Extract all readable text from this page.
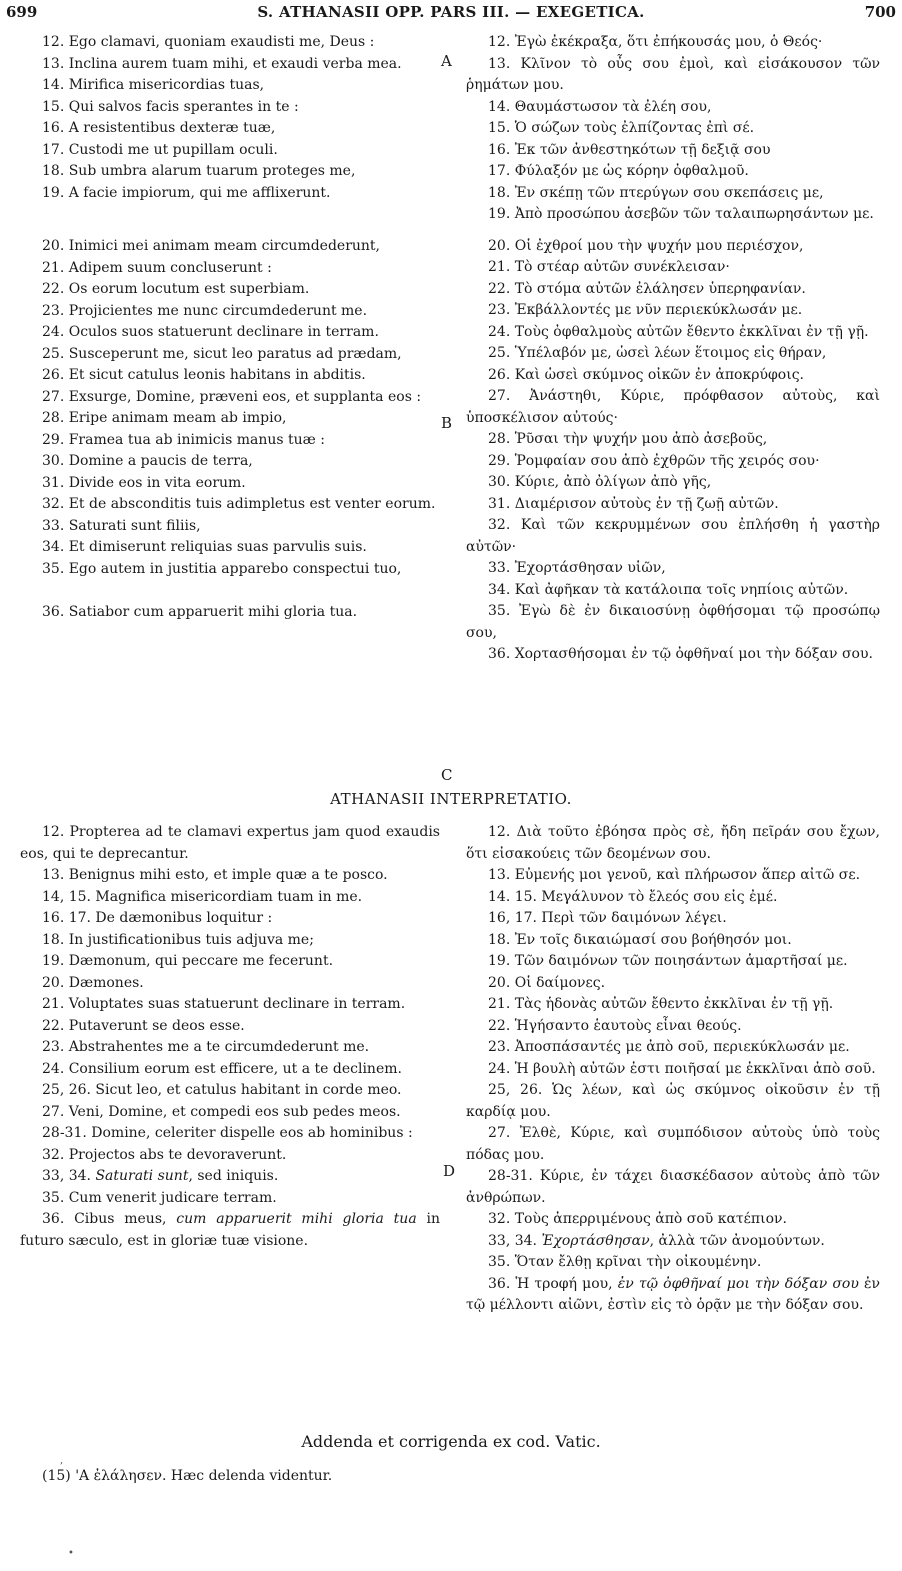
699	S. ATHANASII OPP. PARS III. — EXEGETICA.	700
12. Ego clamavi, quoniam exaudisti me, Deus :
13. Inclina aurem tuam mihi, et exaudi verba mea.
14. Mirifica misericordias tuas,
15. Qui salvos facis sperantes in te :
16. A resistentibus dexteræ tuæ,
17. Custodi me ut pupillam oculi.
18. Sub umbra alarum tuarum proteges me,
19. A facie impiorum, qui me afflixerunt.
20. Inimici mei animam meam circumdederunt,
21. Adipem suum concluserunt :
22. Os eorum locutum est superbiam.
23. Projicientes me nunc circumdederunt me.
24. Oculos suos statuerunt declinare in terram.
25. Susceperunt me, sicut leo paratus ad prædam,
26. Et sicut catulus leonis habitans in abditis.
27. Exsurge, Domine, præveni eos, et supplanta eos :
28. Eripe animam meam ab impio,
29. Framea tua ab inimicis manus tuæ :
30. Domine a paucis de terra,
31. Divide eos in vita eorum.
32. Et de absconditis tuis adimpletus est venter eorum.
33. Saturati sunt filiis,
34. Et dimiserunt reliquias suas parvulis suis.
35. Ego autem in justitia apparebo conspectui tuo,
36. Satiabor cum apparuerit mihi gloria tua.
12. Ἐγὼ ἐκέκραξα, ὅτι ἐπήκουσάς μου, ὁ Θεός·
13. Κλῖνον τὸ οὖς σου ἐμοὶ, καὶ εἰσάκουσον τῶν ῥημάτων μου.
14. Θαυμάστωσον τὰ ἐλέη σου,
15. Ὁ σώζων τοὺς ἐλπίζοντας ἐπὶ σέ.
16. Ἐκ τῶν ἀνθεστηκότων τῇ δεξιᾷ σου
17. Φύλαξόν με ὡς κόρην ὀφθαλμοῦ.
18. Ἐν σκέπῃ τῶν πτερύγων σου σκεπάσεις με,
19. Ἀπὸ προσώπου ἀσεβῶν τῶν ταλαιπωρησάντων με.
20. Οἱ ἐχθροί μου τὴν ψυχήν μου περιέσχον,
21. Τὸ στέαρ αὐτῶν συνέκλεισαν·
22. Τὸ στόμα αὐτῶν ἐλάλησεν ὑπερηφανίαν.
23. Ἐκβάλλοντές με νῦν περιεκύκλωσάν με.
24. Τοὺς ὀφθαλμοὺς αὐτῶν ἔθεντο ἐκκλῖναι ἐν τῇ γῇ.
25. Ὑπέλαβόν με, ὡσεὶ λέων ἕτοιμος εἰς θήραν,
26. Καὶ ὡσεὶ σκύμνος οἰκῶν ἐν ἀποκρύφοις.
27. Ἀνάστηθι, Κύριε, πρόφθασον αὐτοὺς, καὶ ὑποσκέλισον αὐτούς·
28. Ῥῦσαι τὴν ψυχήν μου ἀπὸ ἀσεβοῦς,
29. Ῥομφαίαν σου ἀπὸ ἐχθρῶν τῆς χειρός σου·
30. Κύριε, ἀπὸ ὀλίγων ἀπὸ γῆς,
31. Διαμέρισον αὐτοὺς ἐν τῇ ζωῇ αὐτῶν.
32. Καὶ τῶν κεκρυμμένων σου ἐπλήσθη ἡ γαστὴρ αὐτῶν·
33. Ἐχορτάσθησαν υἱῶν,
34. Καὶ ἀφῆκαν τὰ κατάλοιπα τοῖς νηπίοις αὐτῶν.
35. Ἐγὼ δὲ ἐν δικαιοσύνῃ ὀφθήσομαι τῷ προσώπῳ σου,
36. Χορτασθήσομαι ἐν τῷ ὀφθῆναί μοι τὴν δόξαν σου.
A
B
C
D
ATHANASII INTERPRETATIO.
12. Propterea ad te clamavi expertus jam quod exaudis eos, qui te deprecantur.
13. Benignus mihi esto, et imple quæ a te posco.
14, 15. Magnifica misericordiam tuam in me.
16. 17. De dæmonibus loquitur :
18. In justificationibus tuis adjuva me;
19. Dæmonum, qui peccare me fecerunt.
20. Dæmones.
21. Voluptates suas statuerunt declinare in terram.
22. Putaverunt se deos esse.
23. Abstrahentes me a te circumdederunt me.
24. Consilium eorum est efficere, ut a te declinem.
25, 26. Sicut leo, et catulus habitant in corde meo.
27. Veni, Domine, et compedi eos sub pedes meos.
28-31. Domine, celeriter dispelle eos ab hominibus :
32. Projectos abs te devoraverunt.
33, 34. Saturati sunt, sed iniquis.
35. Cum venerit judicare terram.
36. Cibus meus, cum apparuerit mihi gloria tua in futuro sæculo, est in gloriæ tuæ visione.
12. Διὰ τοῦτο ἐβόησα πρὸς σὲ, ἤδη πεῖράν σου ἔχων, ὅτι εἰσακούεις τῶν δεομένων σου.
13. Εὐμενής μοι γενοῦ, καὶ πλήρωσον ἅπερ αἰτῶ σε.
14. 15. Μεγάλυνον τὸ ἔλεός σου εἰς ἐμέ.
16, 17. Περὶ τῶν δαιμόνων λέγει.
18. Ἐν τοῖς δικαιώμασί σου βοήθησόν μοι.
19. Τῶν δαιμόνων τῶν ποιησάντων ἁμαρτῆσαί με.
20. Οἱ δαίμονες.
21. Τὰς ἡδονὰς αὐτῶν ἔθεντο ἐκκλῖναι ἐν τῇ γῇ.
22. Ἡγήσαντο ἑαυτοὺς εἶναι θεούς.
23. Ἀποσπάσαντές με ἀπὸ σοῦ, περιεκύκλωσάν με.
24. Ἡ βουλὴ αὐτῶν ἐστι ποιῆσαί με ἐκκλῖναι ἀπὸ σοῦ.
25, 26. Ὡς λέων, καὶ ὡς σκύμνος οἰκοῦσιν ἐν τῇ καρδίᾳ μου.
27. Ἐλθὲ, Κύριε, καὶ συμπόδισον αὐτοὺς ὑπὸ τοὺς πόδας μου.
28-31. Κύριε, ἐν τάχει διασκέδασον αὐτοὺς ἀπὸ τῶν ἀνθρώπων.
32. Τοὺς ἀπερριμένους ἀπὸ σοῦ κατέπιον.
33, 34. Ἐχορτάσθησαν, ἀλλὰ τῶν ἀνομούντων.
35. Ὅταν ἔλθῃ κρῖναι τὴν οἰκουμένην.
36. Ἡ τροφή μου, ἐν τῷ ὀφθῆναί μοι τὴν δόξαν σου ἐν τῷ μέλλοντι αἰῶνι, ἐστὶν εἰς τὸ ὁρᾷν με τὴν δόξαν σου.
Addenda et corrigenda ex cod. Vatic.
,
(15) 'Α ἐλάλησεν. Hæc delenda videntur.
•
